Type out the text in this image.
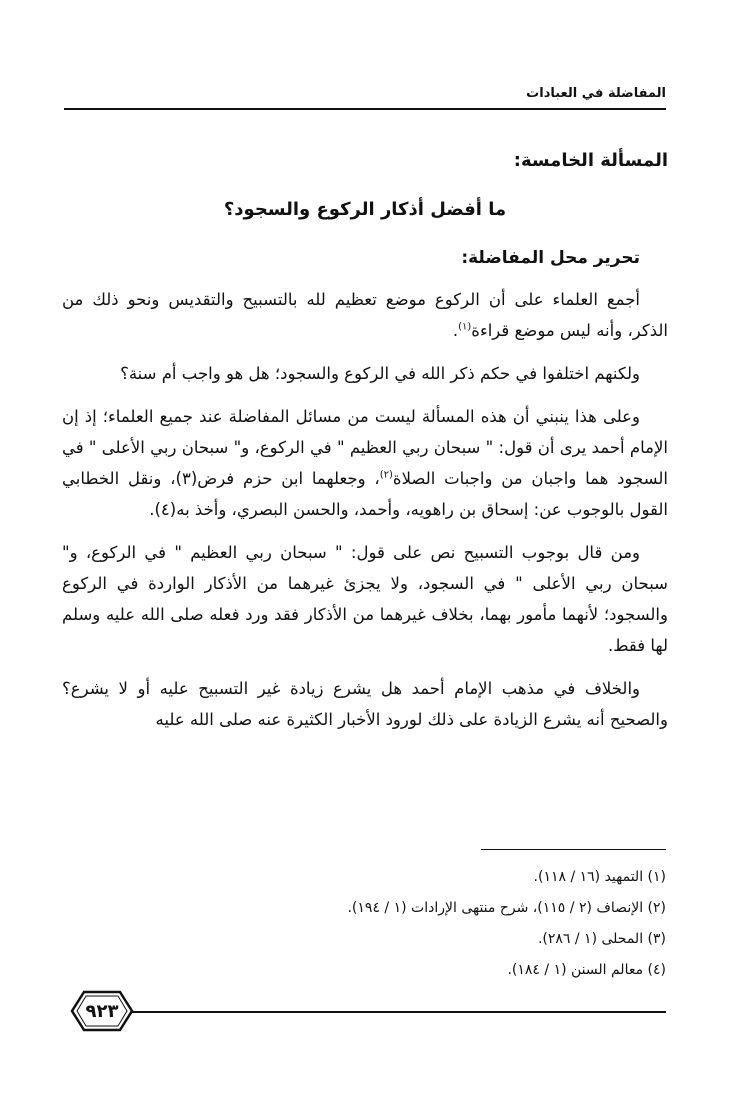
المفاضلة في العبادات
المسألة الخامسة:
ما أفضل أذكار الركوع والسجود؟
تحرير محل المفاضلة:

أجمع العلماء على أن الركوع موضع تعظيم لله بالتسبيح والتقديس ونحو ذلك من الذكر، وأنه ليس موضع قراءة$^{(١)}$.

ولكنهم اختلفوا في حكم ذكر الله في الركوع والسجود؛ هل هو واجب أم سنة؟

وعلى هذا ينبني أن هذه المسألة ليست من مسائل المفاضلة عند جميع العلماء؛ إذ إن الإمام أحمد يرى أن قول: " سبحان ربي العظيم " في الركوع، و" سبحان ربي الأعلى " في السجود هما واجبان من واجبات الصلاة$^{(٢)}$، وجعلهما ابن حزم فرض(٣)، ونقل الخطابي القول بالوجوب عن: إسحاق بن راهويه، وأحمد، والحسن البصري، وأخذ به(٤).

ومن قال بوجوب التسبيح نص على قول: " سبحان ربي العظيم " في الركوع، و" سبحان ربي الأعلى " في السجود، ولا يجزئ غيرهما من الأذكار الواردة في الركوع والسجود؛ لأنهما مأمور بهما، بخلاف غيرهما من الأذكار فقد ورد فعله صلى الله عليه وسلم لها فقط.

والخلاف في مذهب الإمام أحمد هل يشرع زيادة غير التسبيح عليه أو لا يشرع؟ والصحيح أنه يشرع الزيادة على ذلك لورود الأخبار الكثيرة عنه صلى الله عليه

(١) التمهيد (١٦ / ١١٨).
(٢) الإنصاف (٢ / ١١٥)، شرح منتهى الإرادات (١ / ١٩٤).
(٣) المحلى (١ / ٢٨٦).
(٤) معالم السنن (١ / ١٨٤).
٩٢٣
